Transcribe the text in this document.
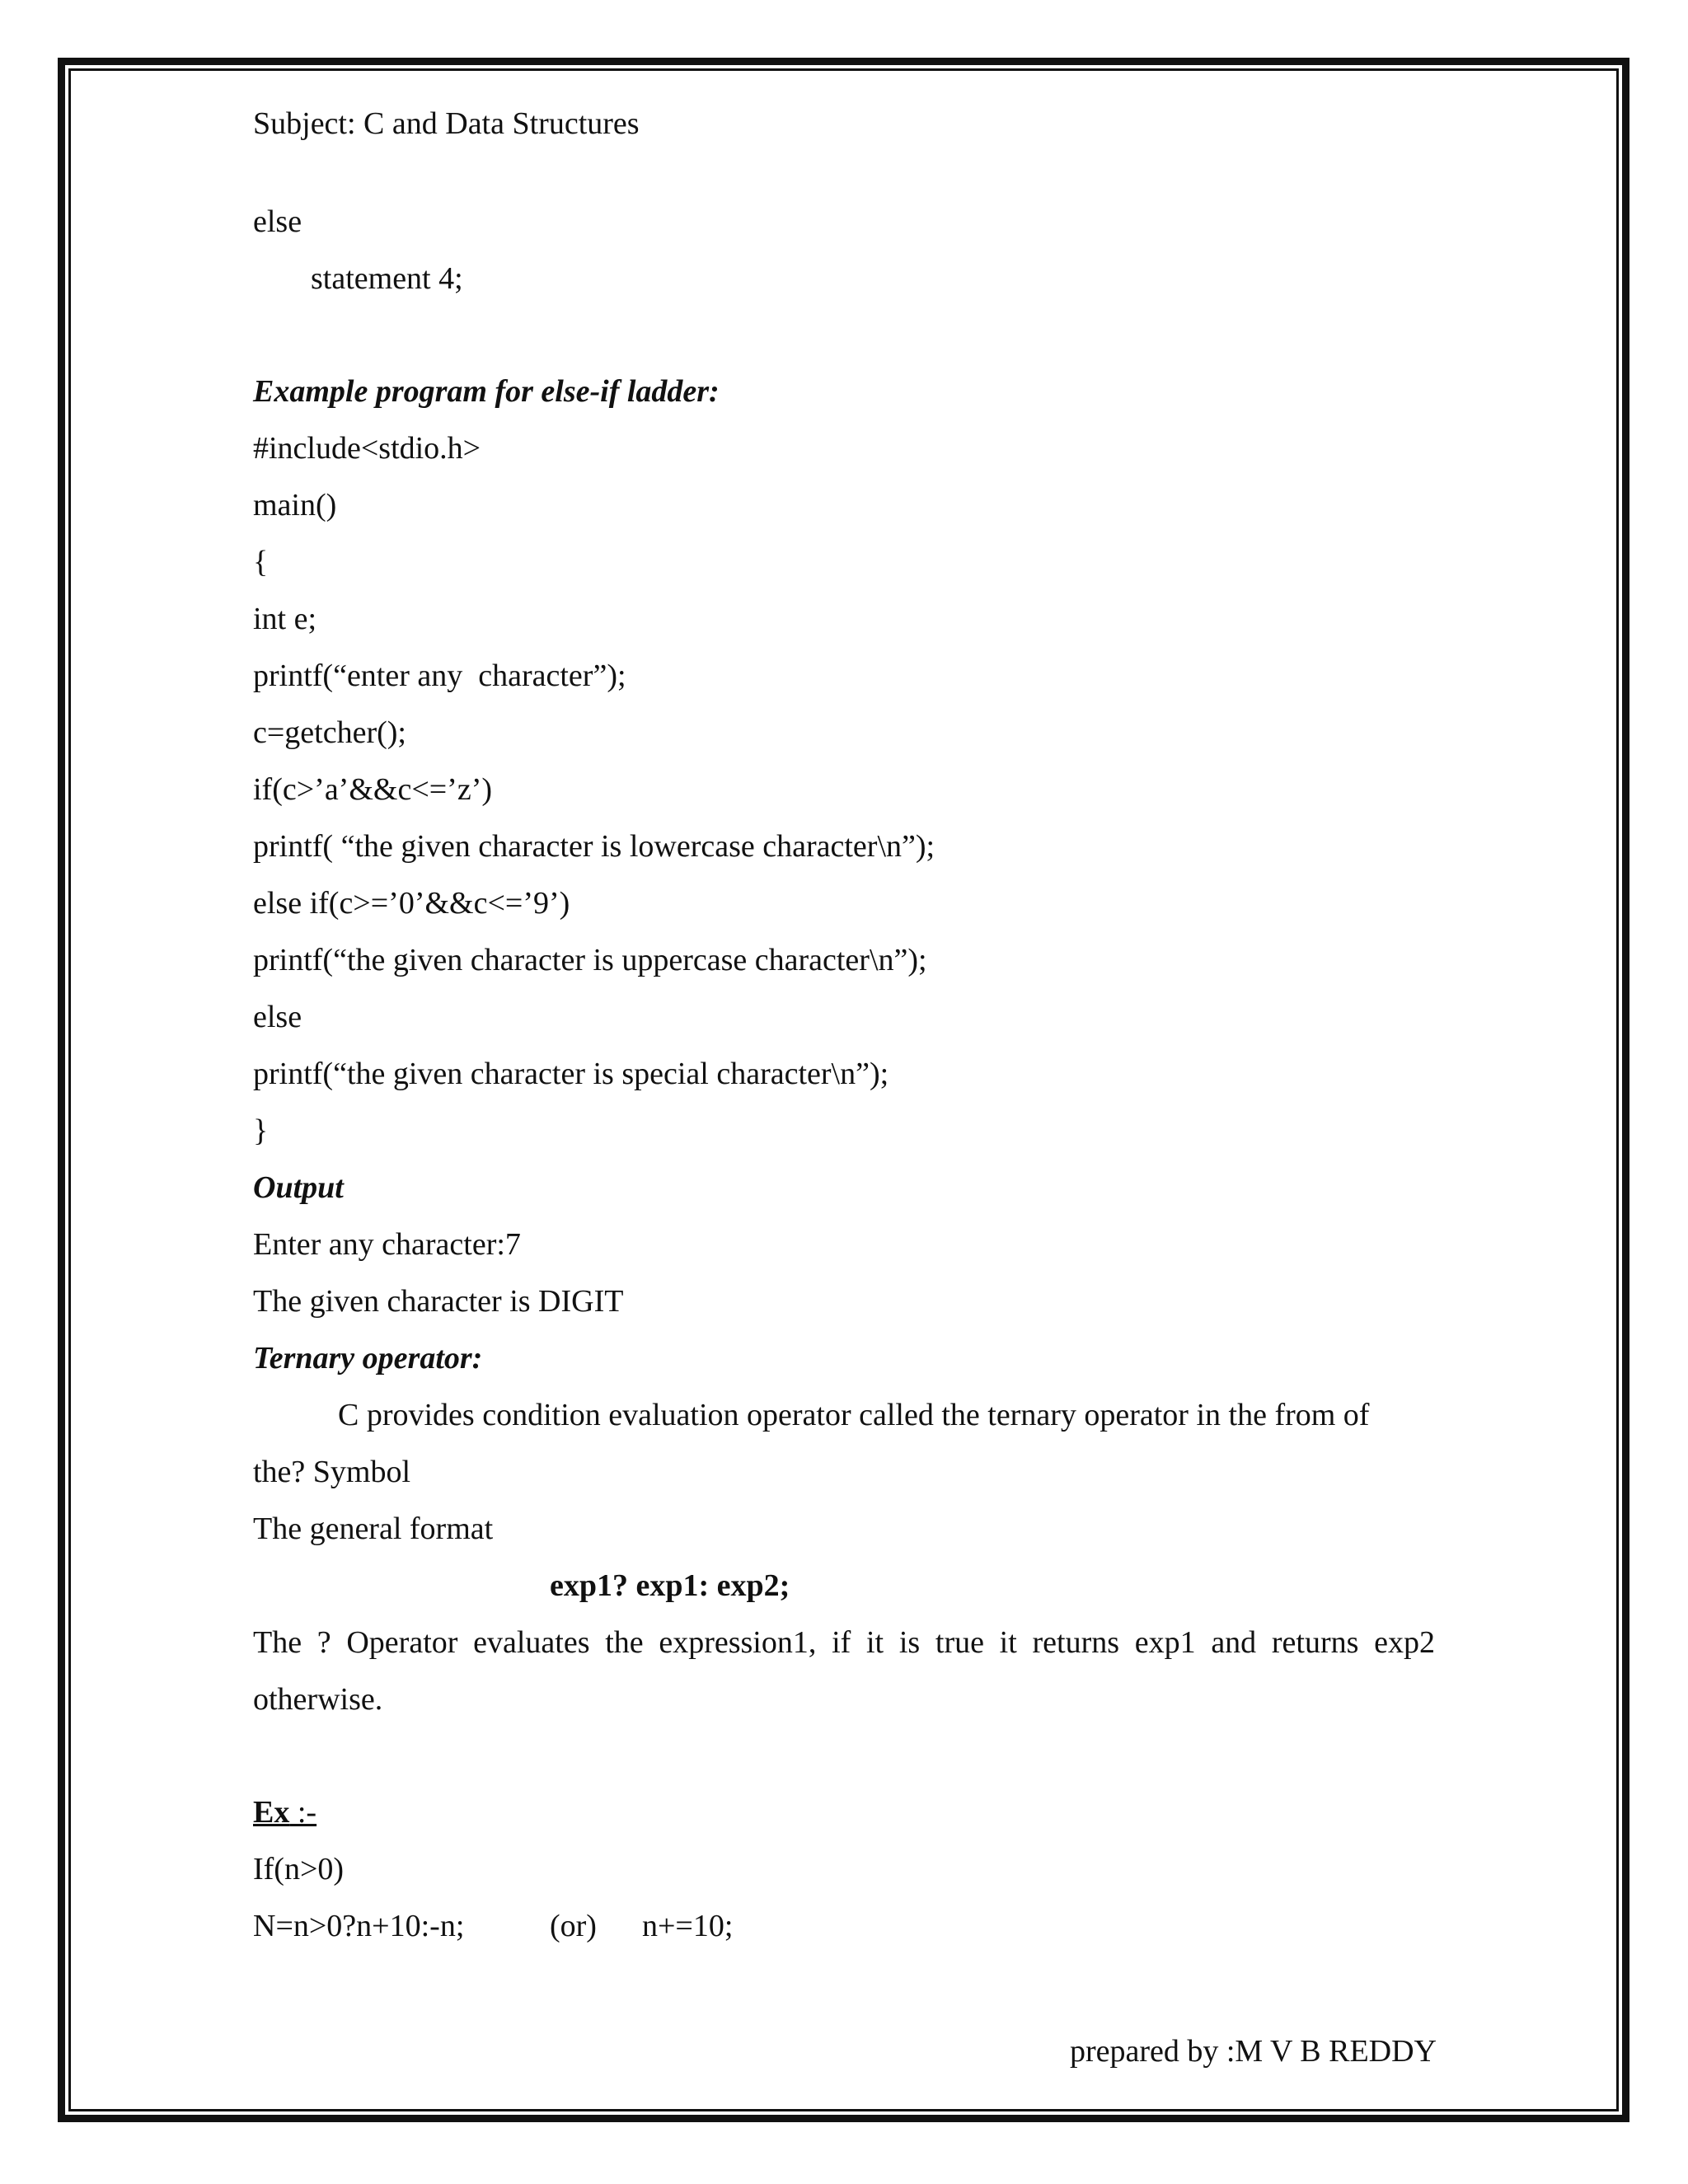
Subject: C and Data Structures
else
statement 4;
Example program for else-if ladder:
#include<stdio.h>
main()
{
int e;
printf(“enter any  character”);
c=getcher();
if(c>’a’&&c<=’z’)
printf( “the given character is lowercase character\n”);
else if(c>=’0’&&c<=’9’)
printf(“the given character is uppercase character\n”);
else
printf(“the given character is special character\n”);
}
Output
Enter any character:7
The given character is DIGIT
Ternary operator:
C provides condition evaluation operator called the ternary operator in the from of
the? Symbol
The general format
exp1? exp1: exp2;
The ? Operator evaluates the expression1, if it is true it returns exp1 and returns exp2
otherwise.
Ex :-
If(n>0)
N=n>0?n+10:-n;	(or) n+=10;
prepared by :M V B REDDY
